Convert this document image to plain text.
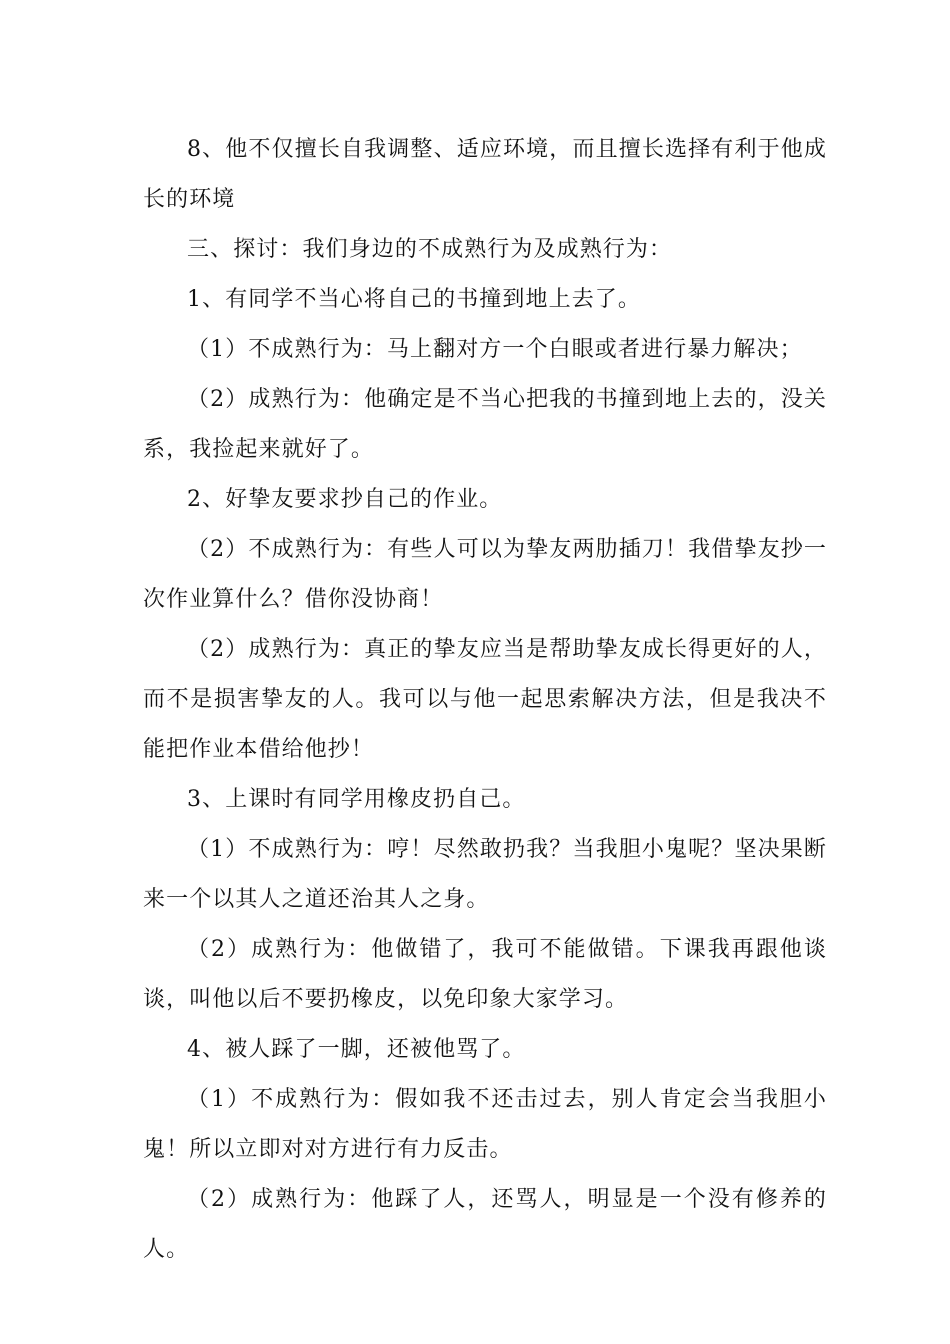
8、他不仅擅长自我调整、适应环境，而且擅长选择有利于他成长的环境

三、探讨：我们身边的不成熟行为及成熟行为：

1、有同学不当心将自己的书撞到地上去了。

（1）不成熟行为：马上翻对方一个白眼或者进行暴力解决；

（2）成熟行为：他确定是不当心把我的书撞到地上去的，没关系，我捡起来就好了。

2、好挚友要求抄自己的作业。

（2）不成熟行为：有些人可以为挚友两肋插刀！我借挚友抄一次作业算什么？借你没协商！

（2）成熟行为：真正的挚友应当是帮助挚友成长得更好的人，而不是损害挚友的人。我可以与他一起思索解决方法，但是我决不能把作业本借给他抄！

3、上课时有同学用橡皮扔自己。

（1）不成熟行为：哼！尽然敢扔我？当我胆小鬼呢？坚决果断来一个以其人之道还治其人之身。

（2）成熟行为：他做错了，我可不能做错。下课我再跟他谈谈，叫他以后不要扔橡皮，以免印象大家学习。

4、被人踩了一脚，还被他骂了。

（1）不成熟行为：假如我不还击过去，别人肯定会当我胆小鬼！所以立即对对方进行有力反击。

（2）成熟行为：他踩了人，还骂人，明显是一个没有修养的人。
